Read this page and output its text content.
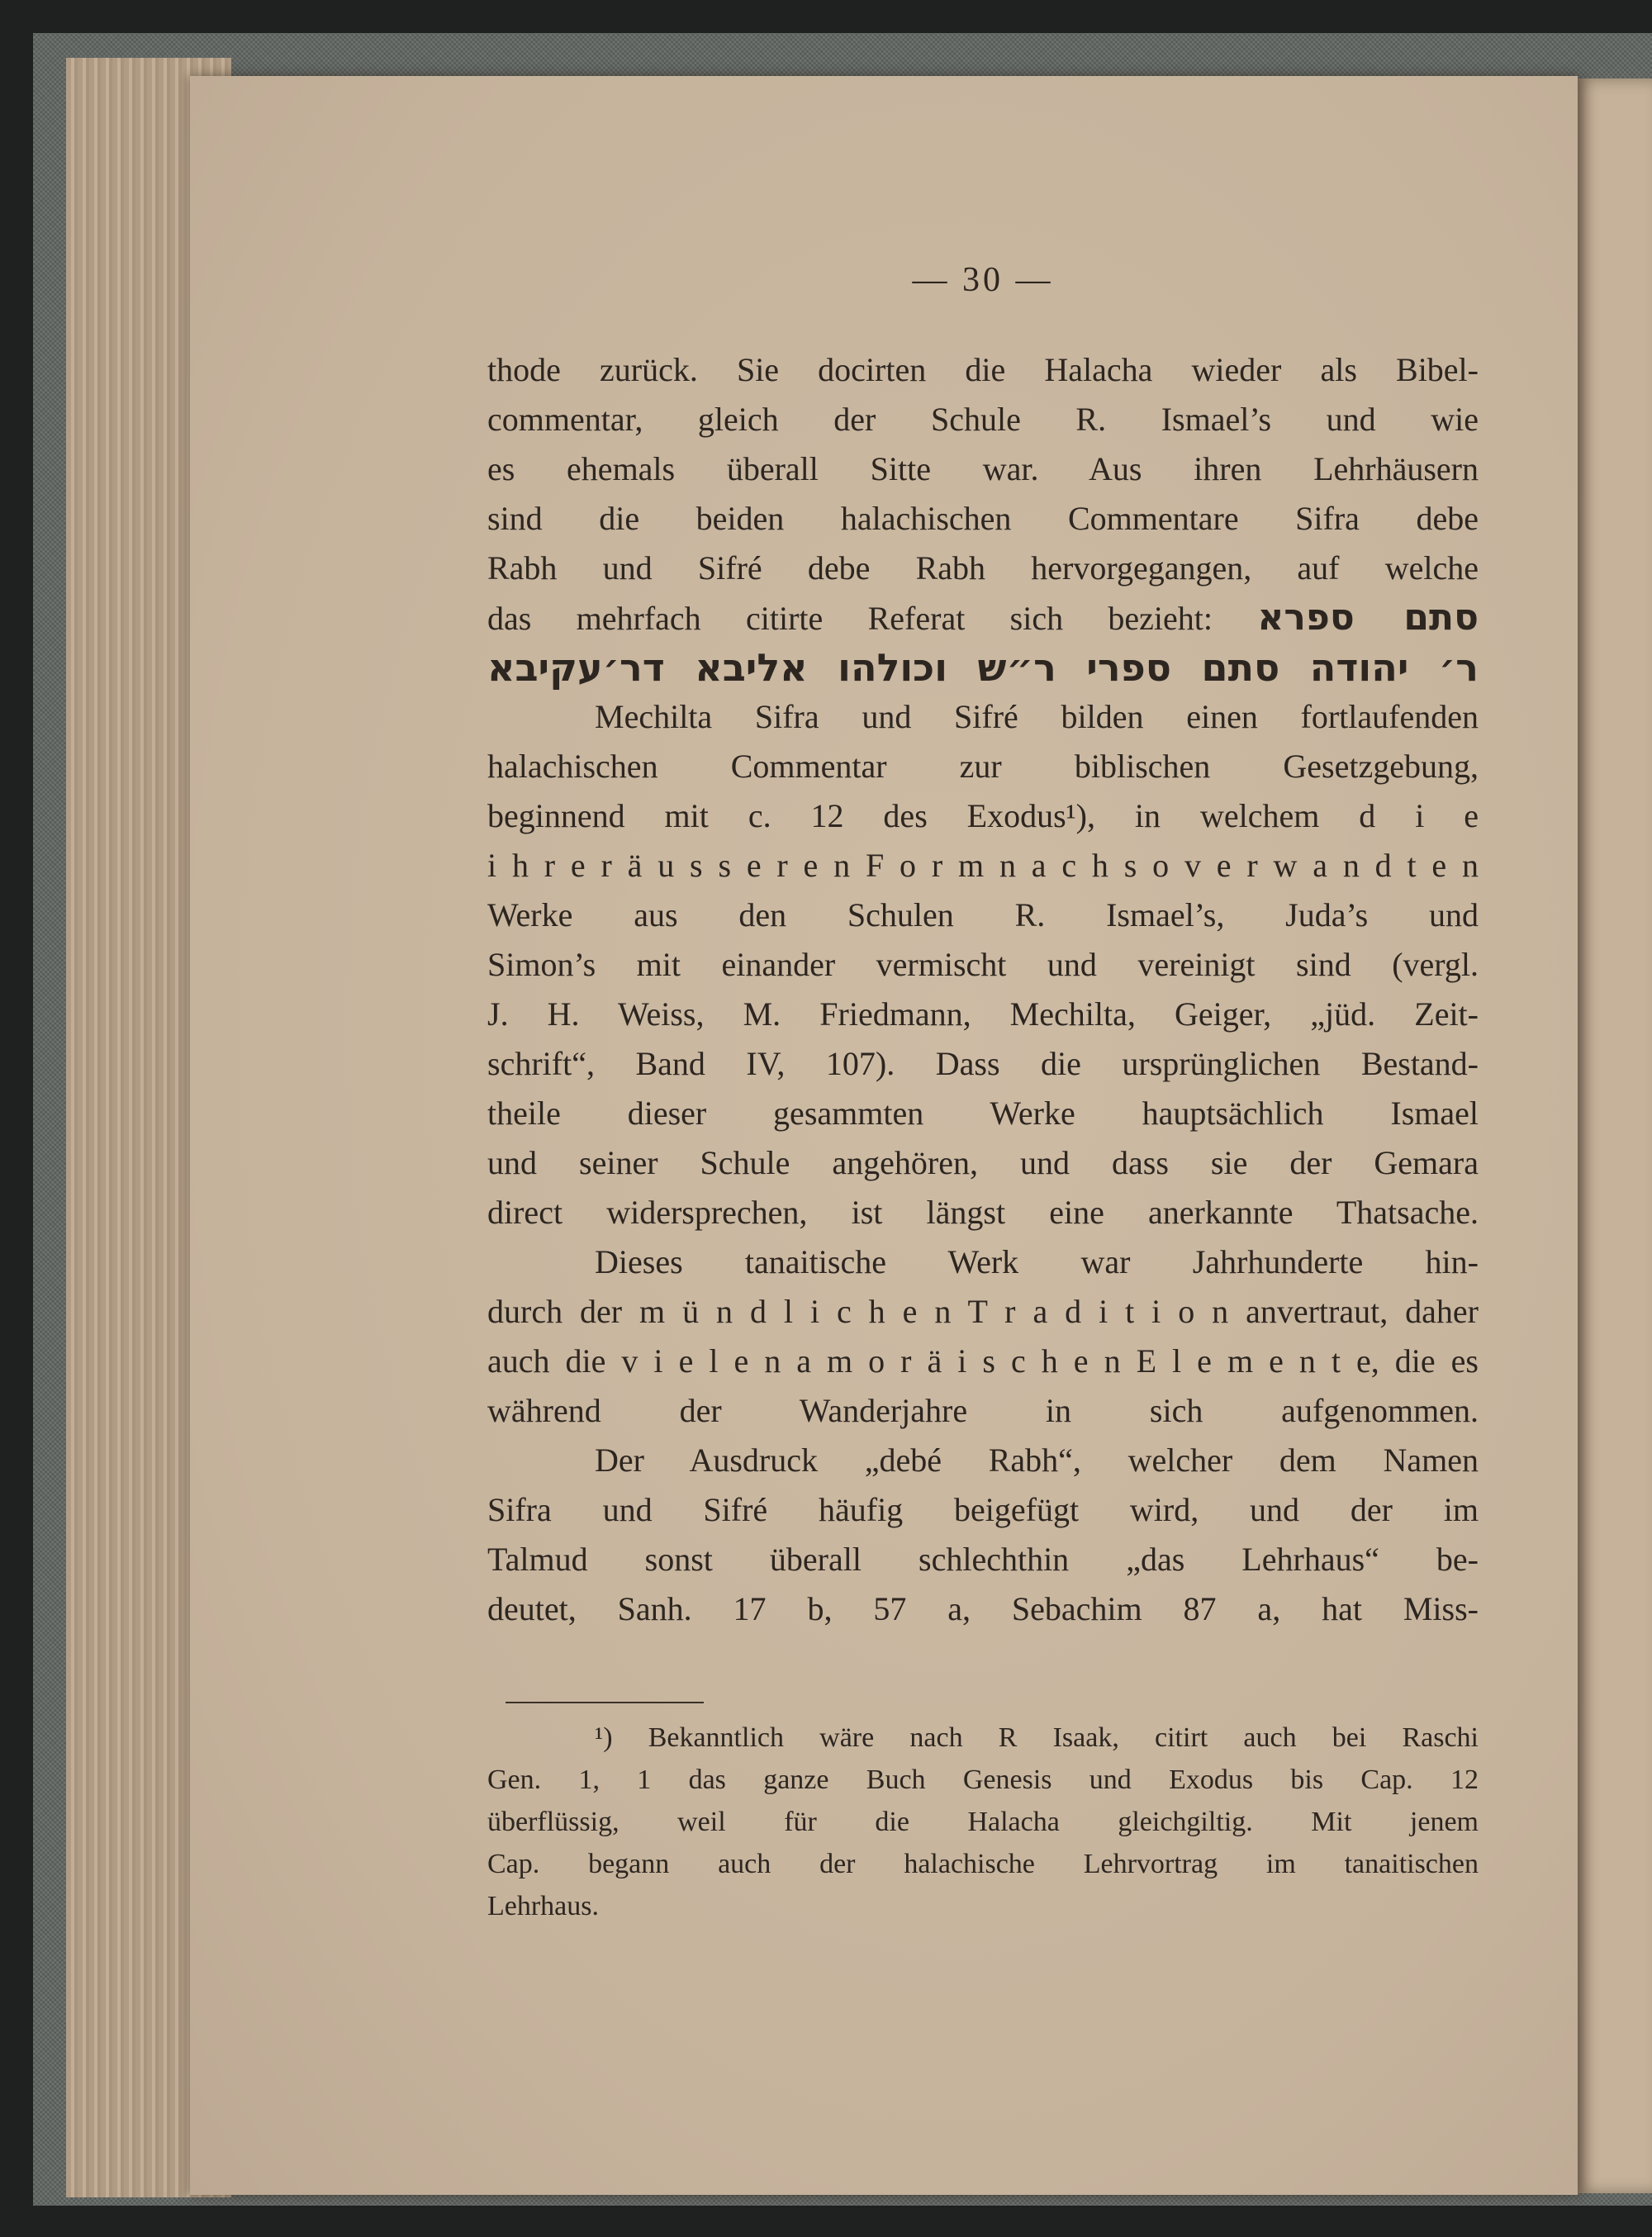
— 30 —
thode zurück. Sie docirten die Halacha wieder als Bibel-
commentar, gleich der Schule R. Ismael’s und wie
es ehemals überall Sitte war. Aus ihren Lehrhäusern
sind die beiden halachischen Commentare Sifra debe
Rabh und Sifré debe Rabh hervorgegangen, auf welche
das mehrfach citirte Referat sich bezieht: סתם ספרא
ר׳ יהודה סתם ספרי ר״ש וכולהו אליבא דר׳עקיבא
Mechilta Sifra und Sifré bilden einen fortlaufenden
halachischen Commentar zur biblischen Gesetzgebung,
beginnend mit c. 12 des Exodus¹), in welchem d i e
i h r e r ä u s s e r e n F o r m n a c h s o v e r w a n d t e n
Werke aus den Schulen R. Ismael’s, Juda’s und
Simon’s mit einander vermischt und vereinigt sind (vergl.
J. H. Weiss, M. Friedmann, Mechilta, Geiger, „jüd. Zeit-
schrift“, Band IV, 107). Dass die ursprünglichen Bestand-
theile dieser gesammten Werke hauptsächlich Ismael
und seiner Schule angehören, und dass sie der Gemara
direct widersprechen, ist längst eine anerkannte Thatsache.
Dieses tanaitische Werk war Jahrhunderte hin-
durch der m ü n d l i c h e n T r a d i t i o n anvertraut, daher
auch die v i e l e n a m o r ä i s c h e n E l e m e n t e, die es
während der Wanderjahre in sich aufgenommen.
Der Ausdruck „debé Rabh“, welcher dem Namen
Sifra und Sifré häufig beigefügt wird, und der im
Talmud sonst überall schlechthin „das Lehrhaus“ be-
deutet, Sanh. 17 b, 57 a, Sebachim 87 a, hat Miss-
¹) Bekanntlich wäre nach R Isaak, citirt auch bei Raschi
Gen. 1, 1 das ganze Buch Genesis und Exodus bis Cap. 12
überflüssig, weil für die Halacha gleichgiltig. Mit jenem
Cap. begann auch der halachische Lehrvortrag im tanaitischen
Lehrhaus.
